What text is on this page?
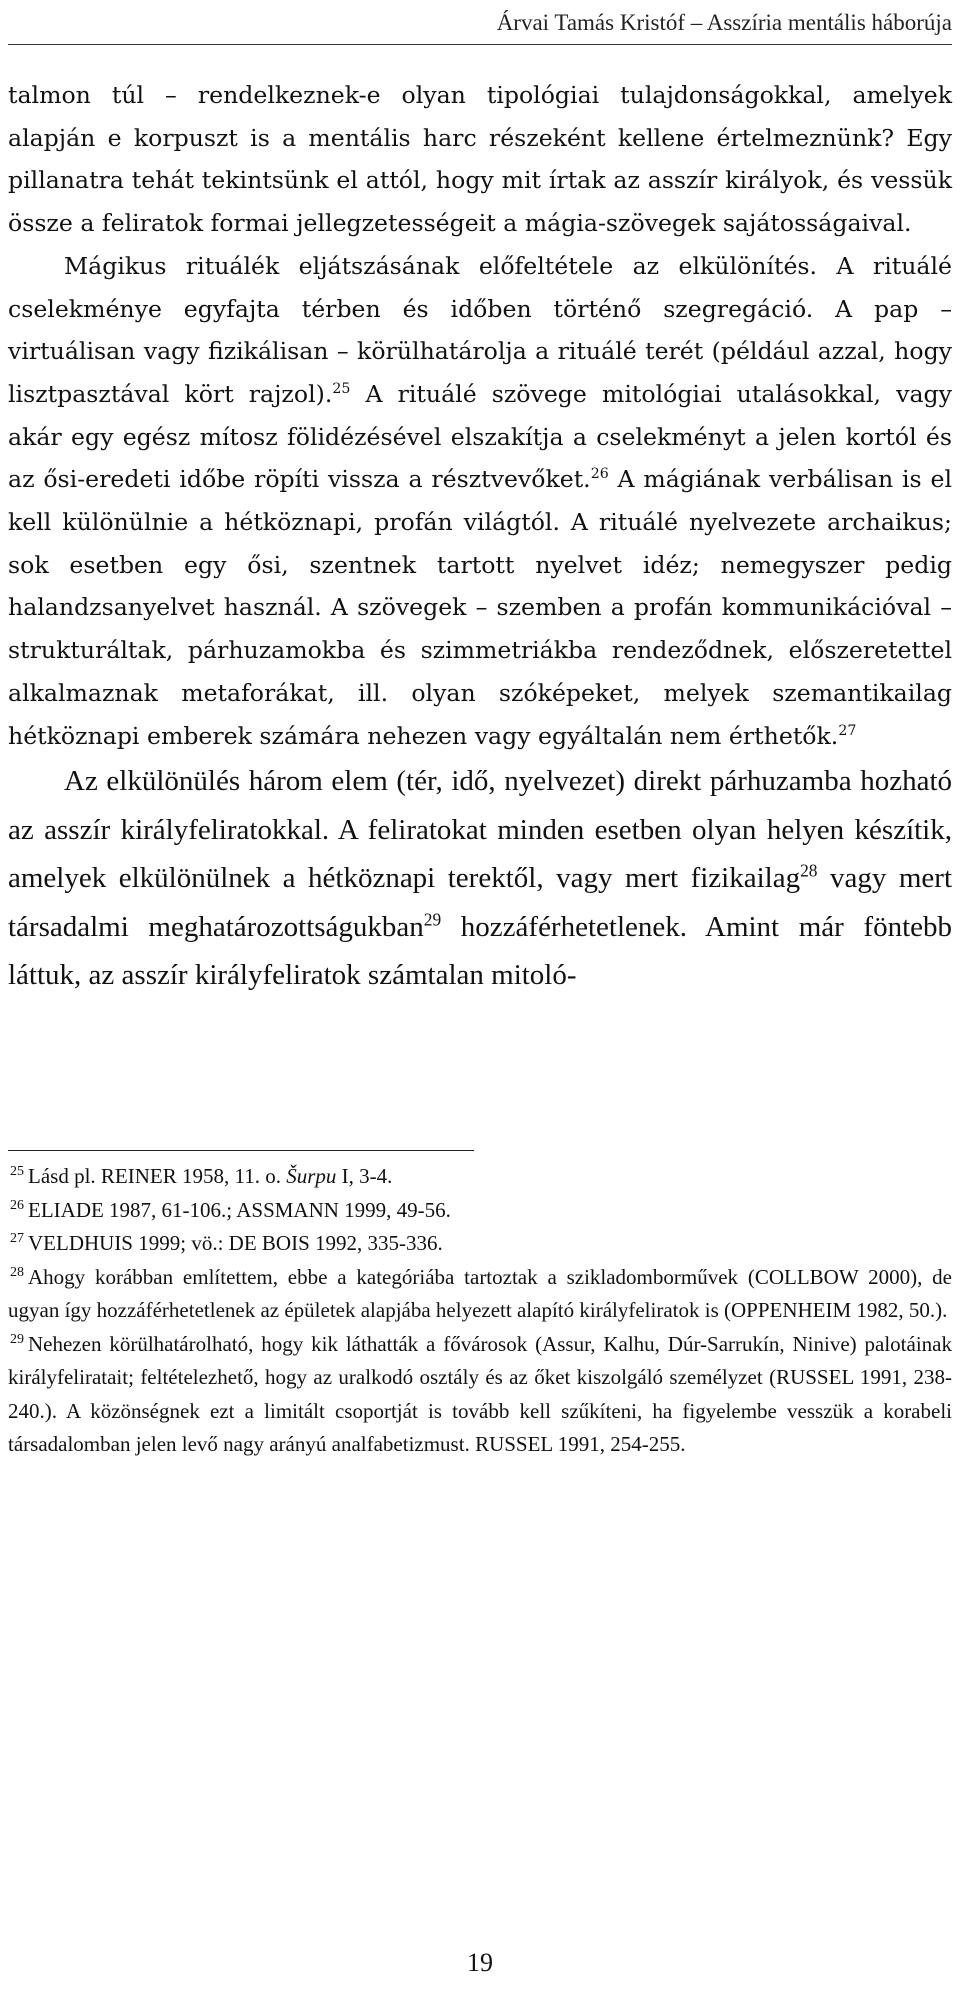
Árvai Tamás Kristóf – Asszíria mentális háborúja

talmon túl – rendelkeznek-e olyan tipológiai tulajdonságokkal, amelyek alapján e korpuszt is a mentális harc részeként kellene értelmeznünk? Egy pillanatra tehát tekintsünk el attól, hogy mit írtak az asszír királyok, és vessük össze a feliratok formai jellegzetességeit a mágia-szövegek sajátosságaival.

Mágikus rituálék eljátszásának előfeltétele az elkülönítés. A rituálé cselekménye egyfajta térben és időben történő szegregáció. A pap – virtuálisan vagy fizikálisan – körülhatárolja a rituálé terét (például azzal, hogy lisztpasztával kört rajzol).$^{25}$ A rituálé szövege mitológiai utalásokkal, vagy akár egy egész mítosz fölidézésével elszakítja a cselekményt a jelen kortól és az ősi-eredeti időbe röpíti vissza a résztvevőket.$^{26}$ A mágiának verbálisan is el kell különülnie a hétköznapi, profán világtól. A rituálé nyelvezete archaikus; sok esetben egy ősi, szentnek tartott nyelvet idéz; nemegyszer pedig halandzsanyelvet használ. A szövegek – szemben a profán kommunikációval – strukturáltak, párhuzamokba és szimmetriákba rendeződnek, előszeretettel alkalmaznak metaforákat, ill. olyan szóképeket, melyek szemantikailag hétköznapi emberek számára nehezen vagy egyáltalán nem érthetők.$^{27}$

Az elkülönülés három elem (tér, idő, nyelvezet) direkt párhuzamba hozható az asszír királyfeliratokkal. A feliratokat minden esetben olyan helyen készítik, amelyek elkülönülnek a hétköznapi terektől, vagy mert fizikailag$^{28}$ vagy mert társadalmi meghatározottságukban$^{29}$ hozzáférhetetlenek. Amint már föntebb láttuk, az asszír királyfeliratok számtalan mitoló-

$^{25}$ Lásd pl. REINER 1958, 11. o. Šurpu I, 3-4.

$^{26}$ ELIADE 1987, 61-106.; ASSMANN 1999, 49-56.

$^{27}$ VELDHUIS 1999; vö.: DE BOIS 1992, 335-336.

$^{28}$ Ahogy korábban említettem, ebbe a kategóriába tartoztak a szikladomborművek (COLLBOW 2000), de ugyan így hozzáférhetetlenek az épületek alapjába helyezett alapító királyfeliratok is (OPPENHEIM 1982, 50.).

$^{29}$ Nehezen körülhatárolható, hogy kik láthatták a fővárosok (Assur, Kalhu, Dúr-Sarrukín, Ninive) palotáinak királyfeliratait; feltételezhető, hogy az uralkodó osztály és az őket kiszolgáló személyzet (RUSSEL 1991, 238-240.). A közönségnek ezt a limitált csoportját is tovább kell szűkíteni, ha figyelembe vesszük a korabeli társadalomban jelen levő nagy arányú analfabetizmust. RUSSEL 1991, 254-255.

19
